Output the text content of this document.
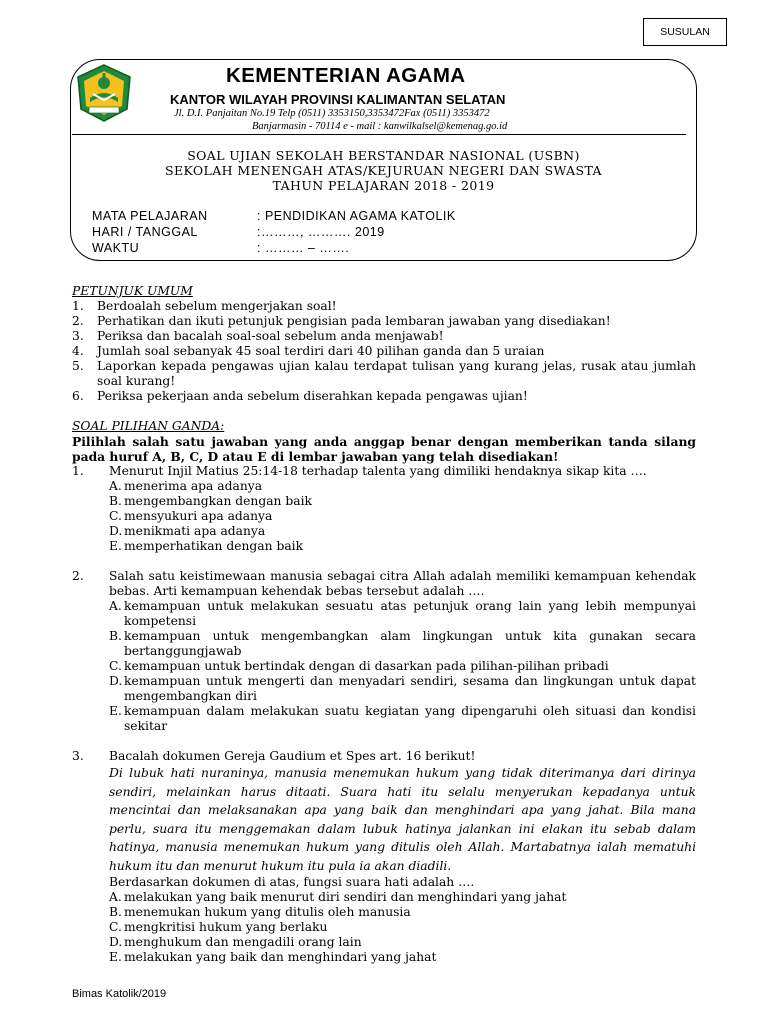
SUSULAN
KEMENTERIAN AGAMA
KANTOR WILAYAH PROVINSI KALIMANTAN SELATAN
Jl. D.I. Panjaitan No.19 Telp (0511) 3353150,3353472Fax (0511) 3353472
Banjarmasin - 70114 e - mail : kanwilkalsel@kemenag.go.id
SOAL UJIAN SEKOLAH BERSTANDAR NASIONAL (USBN)
SEKOLAH MENENGAH ATAS/KEJURUAN NEGERI DAN SWASTA
TAHUN PELAJARAN 2018 - 2019
MATA PELAJARAN	: PENDIDIKAN AGAMA KATOLIK
HARI / TANGGAL	:………, ………. 2019
WAKTU	: ……… – …….
PETUNJUK UMUM
1. Berdoalah sebelum mengerjakan soal!
2. Perhatikan dan ikuti petunjuk pengisian pada lembaran jawaban yang disediakan!
3. Periksa dan bacalah soal-soal sebelum anda menjawab!
4. Jumlah soal sebanyak 45 soal terdiri dari 40 pilihan ganda dan 5 uraian
5. Laporkan kepada pengawas ujian kalau terdapat tulisan yang kurang jelas, rusak atau jumlah soal kurang!
6. Periksa pekerjaan anda sebelum diserahkan kepada pengawas ujian!
SOAL PILIHAN GANDA:
Pilihlah salah satu jawaban yang anda anggap benar dengan memberikan tanda silang pada huruf A, B, C, D atau E di lembar jawaban yang telah disediakan!
1. Menurut Injil Matius 25:14-18 terhadap talenta yang dimiliki hendaknya sikap kita ….
A. menerima apa adanya
B. mengembangkan dengan baik
C. mensyukuri apa adanya
D. menikmati apa adanya
E. memperhatikan dengan baik
2. Salah satu keistimewaan manusia sebagai citra Allah adalah memiliki kemampuan kehendak bebas. Arti kemampuan kehendak bebas tersebut adalah ….
A. kemampuan untuk melakukan sesuatu atas petunjuk orang lain yang lebih mempunyai kompetensi
B. kemampuan untuk mengembangkan alam lingkungan untuk kita gunakan secara bertanggungjawab
C. kemampuan untuk bertindak dengan di dasarkan pada pilihan-pilihan pribadi
D. kemampuan untuk mengerti dan menyadari sendiri, sesama dan lingkungan untuk dapat mengembangkan diri
E. kemampuan dalam melakukan suatu kegiatan yang dipengaruhi oleh situasi dan kondisi sekitar
3. Bacalah dokumen Gereja Gaudium et Spes art. 16 berikut!
Di lubuk hati nuraninya, manusia menemukan hukum yang tidak diterimanya dari dirinya sendiri, melainkan harus ditaati. Suara hati itu selalu menyerukan kepadanya untuk mencintai dan melaksanakan apa yang baik dan menghindari apa yang jahat. Bila mana perlu, suara itu menggemakan dalam lubuk hatinya jalankan ini elakan itu sebab dalam hatinya, manusia menemukan hukum yang ditulis oleh Allah. Martabatnya ialah mematuhi hukum itu dan menurut hukum itu pula ia akan diadili.
Berdasarkan dokumen di atas, fungsi suara hati adalah ….
A. melakukan yang baik menurut diri sendiri dan menghindari yang jahat
B. menemukan hukum yang ditulis oleh manusia
C. mengkritisi hukum yang berlaku
D. menghukum dan mengadili orang lain
E. melakukan yang baik dan menghindari yang jahat
Bimas Katolik/2019
